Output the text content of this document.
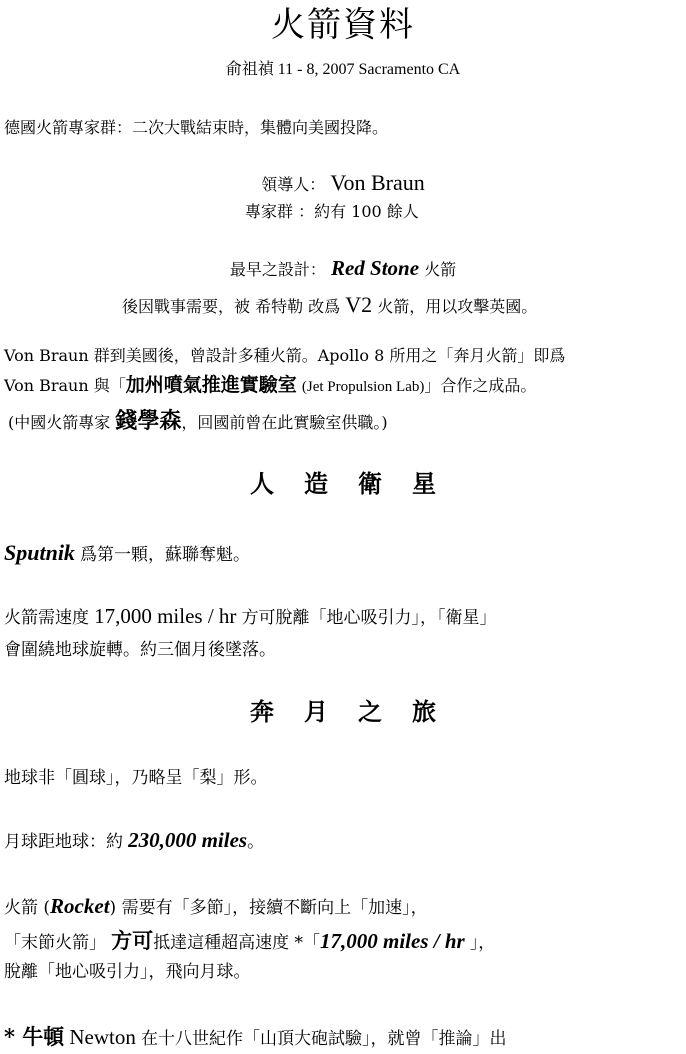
火箭資料
俞祖禎 11 - 8, 2007 Sacramento CA
德國火箭專家群：二次大戰結束時，集體向美國投降。
領導人： Von Braun
專家群 ：約有 100 餘人
最早之設計： Red Stone 火箭
後因戰事需要，被 希特勒 改爲 V2 火箭，用以攻擊英國。
Von Braun 群到美國後，曾設計多種火箭。Apollo 8 所用之「奔月火箭」即爲
Von Braun 與「加州噴氣推進實驗室 (Jet Propulsion Lab)」合作之成品。
(中國火箭專家 錢學森，回國前曾在此實驗室供職。)
人造衛星
Sputnik 爲第一顆，蘇聯奪魁。
火箭需速度 17,000 miles / hr 方可脫離「地心吸引力」，「衛星」
會圍繞地球旋轉。約三個月後墜落。
奔月之旅
地球非「圓球」，乃略呈「梨」形。
月球距地球：約 230,000 miles。
火箭 (Rocket) 需要有「多節」，接續不斷向上「加速」，
「末節火箭」 方可抵達這種超高速度 *「17,000 miles / hr 」，
脫離「地心吸引力」，飛向月球。
* 牛頓 Newton 在十八世紀作「山頂大砲試驗」，就曾「推論」出
